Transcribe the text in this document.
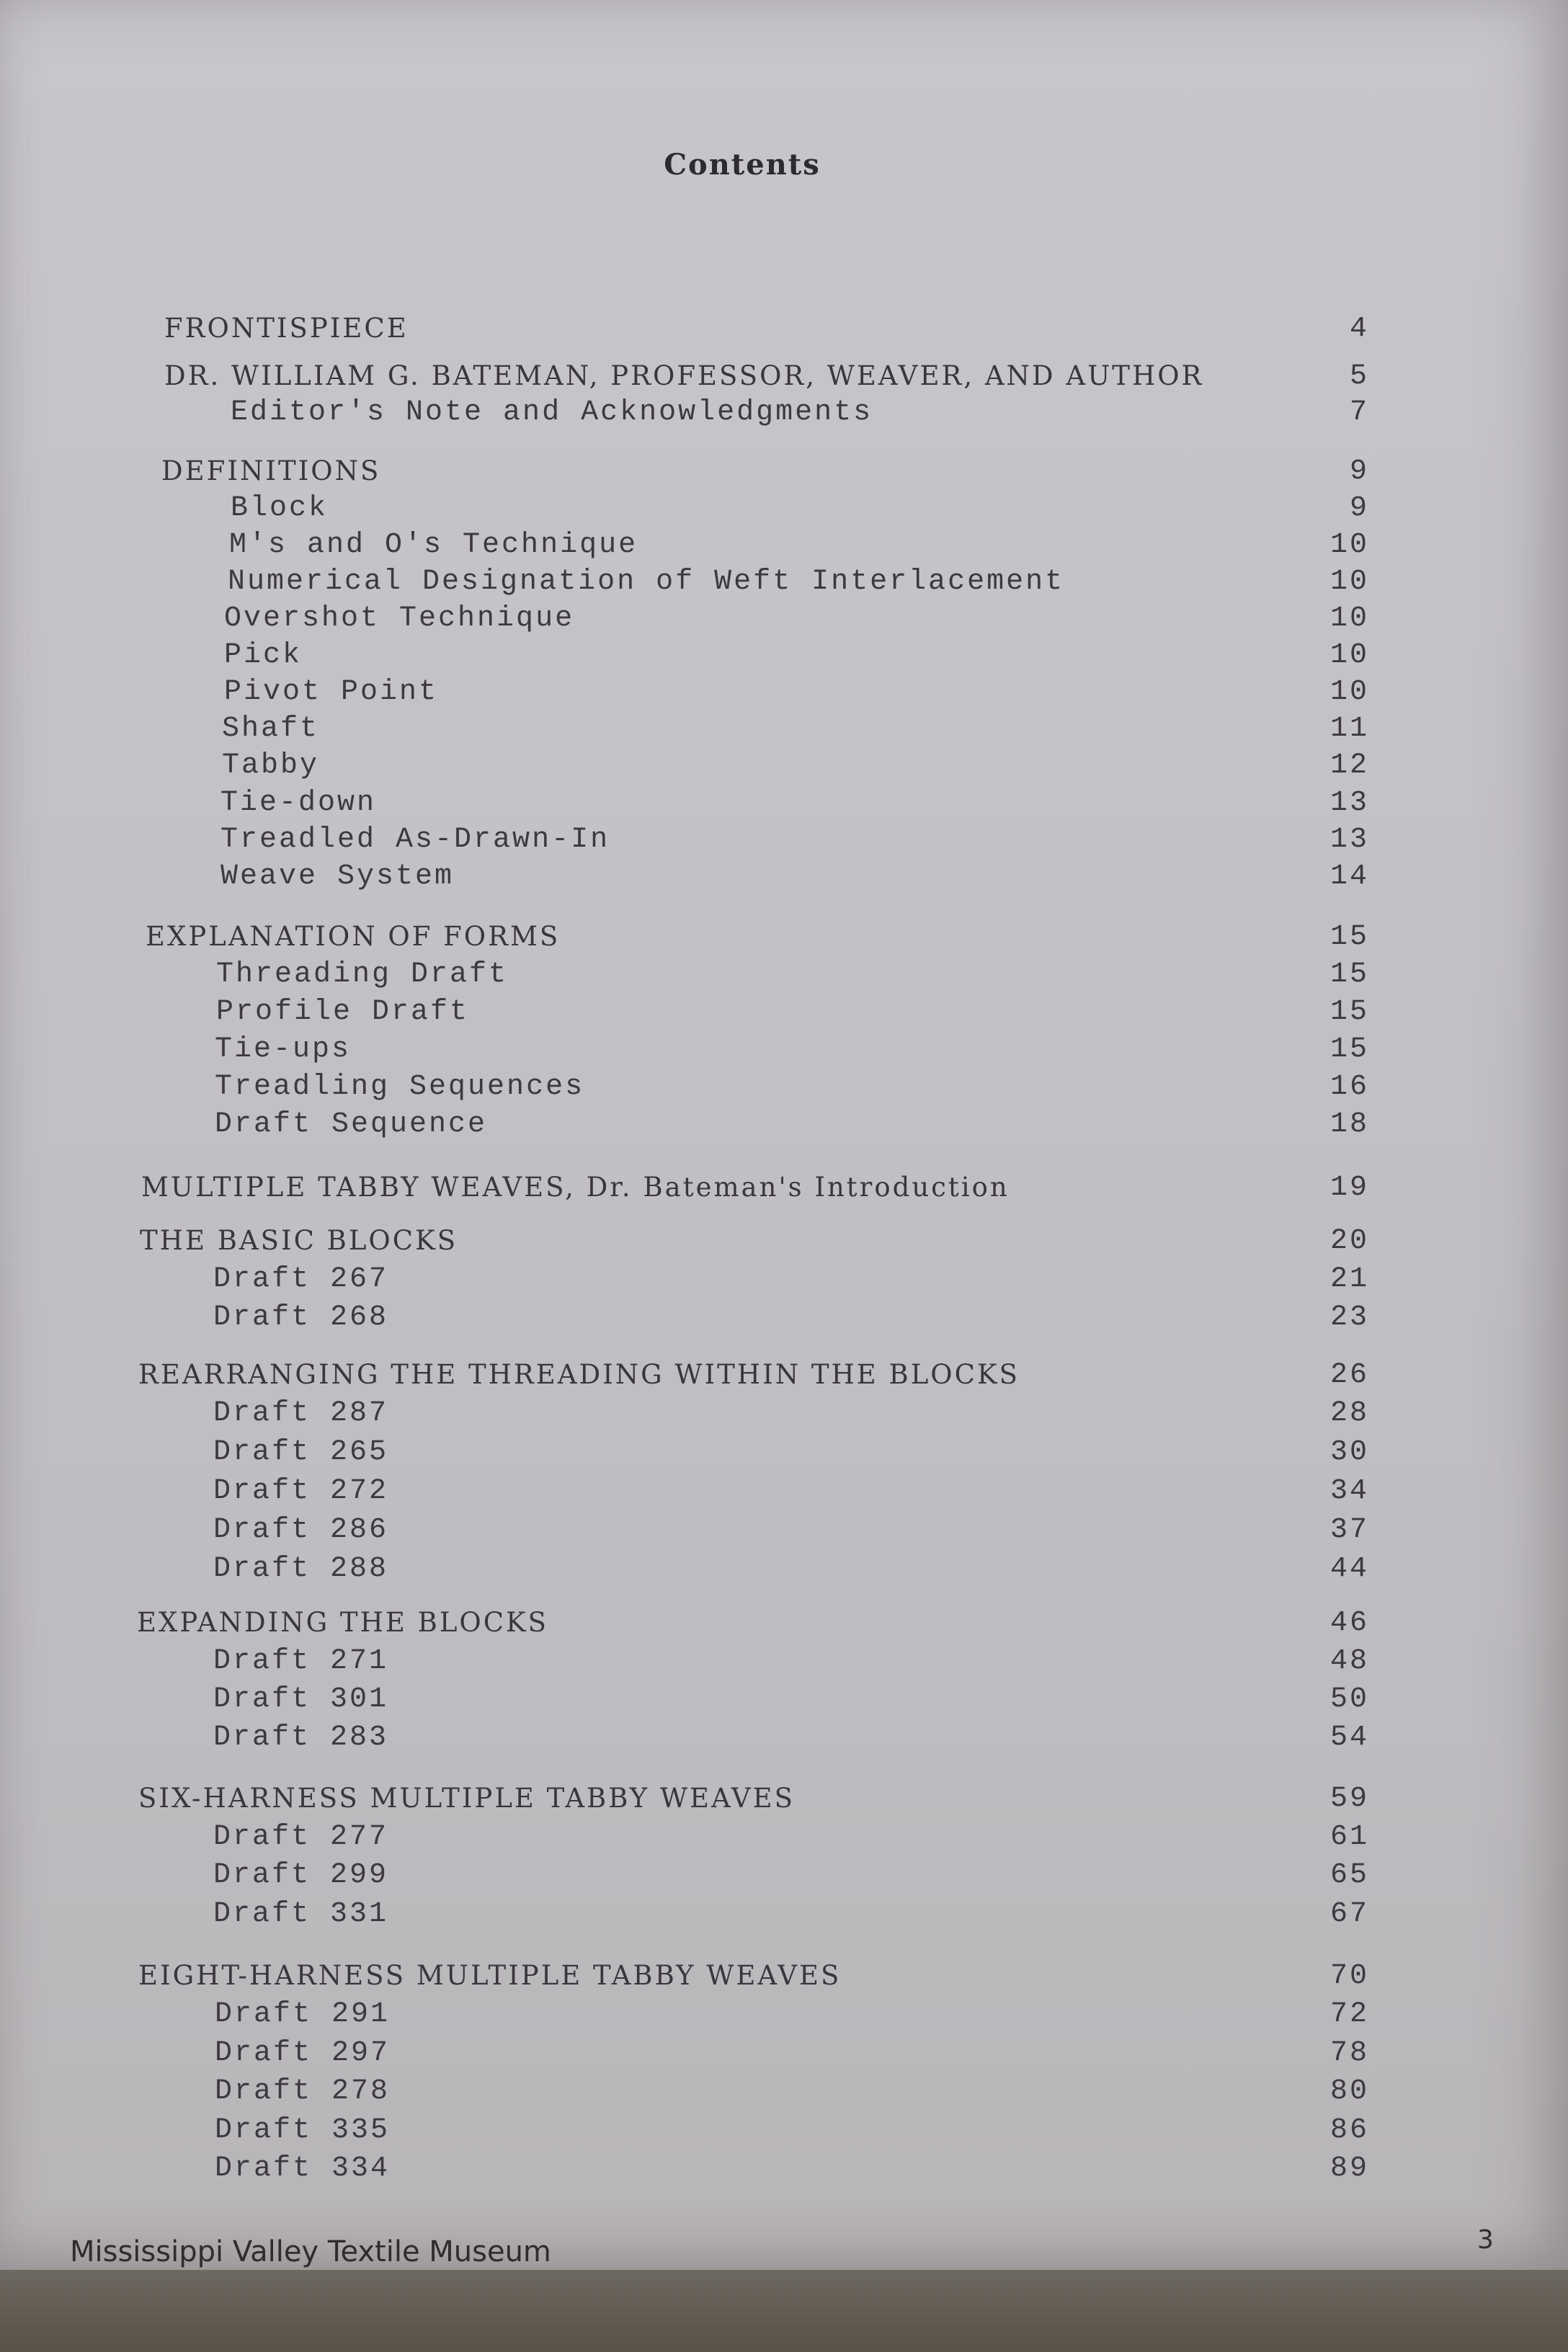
Contents
FRONTISPIECE	4
DR. WILLIAM G. BATEMAN, PROFESSOR, WEAVER, AND AUTHOR	5
Editor's Note and Acknowledgments	7
DEFINITIONS	9
Block	9
M's and O's Technique	10
Numerical Designation of Weft Interlacement	10
Overshot Technique	10
Pick	10
Pivot Point	10
Shaft	11
Tabby	12
Tie-down	13
Treadled As-Drawn-In	13
Weave System	14
EXPLANATION OF FORMS	15
Threading Draft	15
Profile Draft	15
Tie-ups	15
Treadling Sequences	16
Draft Sequence	18
MULTIPLE TABBY WEAVES, Dr. Bateman's Introduction	19
THE BASIC BLOCKS	20
Draft 267	21
Draft 268	23
REARRANGING THE THREADING WITHIN THE BLOCKS	26
Draft 287	28
Draft 265	30
Draft 272	34
Draft 286	37
Draft 288	44
EXPANDING THE BLOCKS	46
Draft 271	48
Draft 301	50
Draft 283	54
SIX-HARNESS MULTIPLE TABBY WEAVES	59
Draft 277	61
Draft 299	65
Draft 331	67
EIGHT-HARNESS MULTIPLE TABBY WEAVES	70
Draft 291	72
Draft 297	78
Draft 278	80
Draft 335	86
Draft 334	89
Mississippi Valley Textile Museum	3
